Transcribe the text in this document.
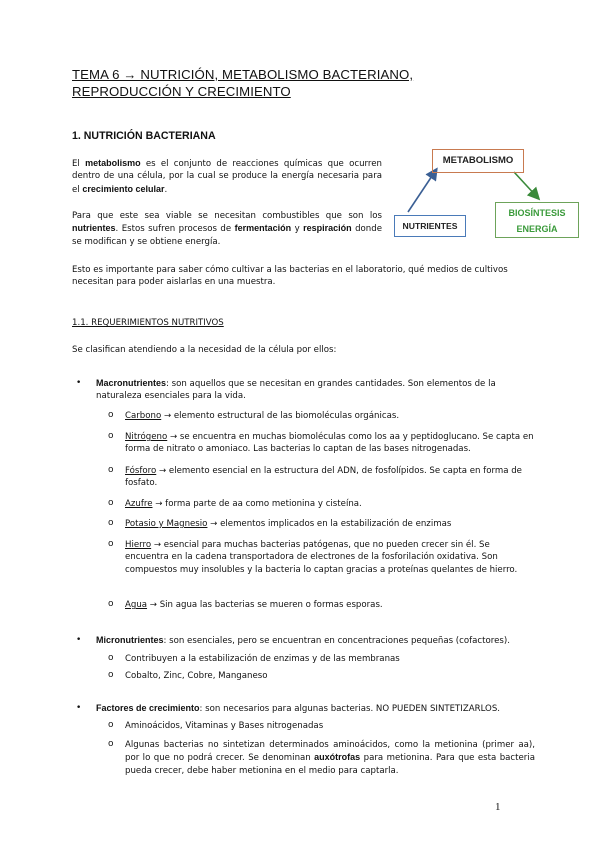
TEMA 6 → NUTRICIÓN, METABOLISMO BACTERIANO,
REPRODUCCIÓN Y CRECIMIENTO
1. NUTRICIÓN BACTERIANA
El metabolismo es el conjunto de reacciones químicas que ocurren dentro de una célula, por la cual se produce la energía necesaria para el crecimiento celular.
Para que este sea viable se necesitan combustibles que son los nutrientes. Estos sufren procesos de fermentación y respiración donde se modifican y se obtiene energía.
METABOLISMO
NUTRIENTES
BIOSÍNTESIS
ENERGÍA
Esto es importante para saber cómo cultivar a las bacterias en el laboratorio, qué medios de cultivos necesitan para poder aislarlas en una muestra.
1.1. REQUERIMIENTOS NUTRITIVOS
Se clasifican atendiendo a la necesidad de la célula por ellos:
• Macronutrientes: son aquellos que se necesitan en grandes cantidades. Son elementos de la naturaleza esenciales para la vida.
o Carbono → elemento estructural de las biomoléculas orgánicas.
o Nitrógeno → se encuentra en muchas biomoléculas como los aa y peptidoglucano. Se capta en forma de nitrato o amoniaco. Las bacterias lo captan de las bases nitrogenadas.
o Fósforo → elemento esencial en la estructura del ADN, de fosfolípidos. Se capta en forma de fosfato.
o Azufre → forma parte de aa como metionina y cisteína.
o Potasio y Magnesio → elementos implicados en la estabilización de enzimas
o Hierro → esencial para muchas bacterias patógenas, que no pueden crecer sin él. Se encuentra en la cadena transportadora de electrones de la fosforilación oxidativa. Son compuestos muy insolubles y la bacteria lo captan gracias a proteínas quelantes de hierro.
o Agua → Sin agua las bacterias se mueren o formas esporas.
• Micronutrientes: son esenciales, pero se encuentran en concentraciones pequeñas (cofactores).
o Contribuyen a la estabilización de enzimas y de las membranas
o Cobalto, Zinc, Cobre, Manganeso
• Factores de crecimiento: son necesarios para algunas bacterias. NO PUEDEN SINTETIZARLOS.
o Aminoácidos, Vitaminas y Bases nitrogenadas
o Algunas bacterias no sintetizan determinados aminoácidos, como la metionina (primer aa), por lo que no podrá crecer. Se denominan auxótrofas para metionina. Para que esta bacteria pueda crecer, debe haber metionina en el medio para captarla.
1
